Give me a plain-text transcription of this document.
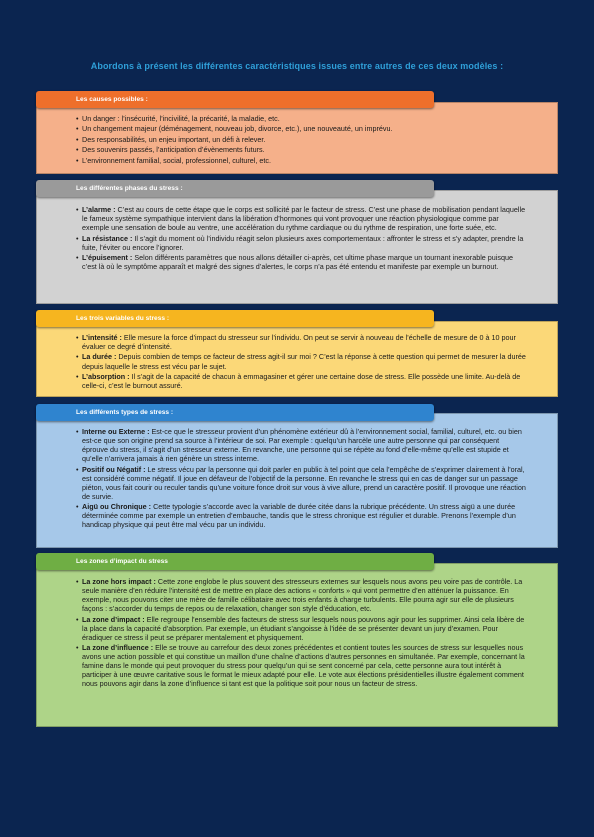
Abordons à présent les différentes caractéristiques issues entre autres de ces deux modèles :
Les causes possibles :
• Un danger : l’insécurité, l’incivilité, la précarité, la maladie, etc.
• Un changement majeur (déménagement, nouveau job, divorce, etc.), une nouveauté, un imprévu.
• Des responsabilités, un enjeu important, un défi à relever.
• Des souvenirs passés, l’anticipation d’évènements futurs.
• L’environnement familial, social, professionnel, culturel, etc.
Les différentes phases du stress :
• L’alarme : C’est au cours de cette étape que le corps est sollicité par le facteur de stress. C’est une phase de mobilisation pendant laquelle le fameux système sympathique intervient dans la libération d’hormones qui vont provoquer une réaction physiologique comme par exemple une sensation de boule au ventre, une accélération du rythme cardiaque ou du rythme de respiration, une forte suée, etc.
• La résistance : Il s’agit du moment où l’individu réagit selon plusieurs axes comportementaux : affronter le stress et s’y adapter, prendre la fuite, l’éviter ou encore l’ignorer.
• L’épuisement : Selon différents paramètres que nous allons détailler ci-après, cet ultime phase marque un tournant inexorable puisque c’est là où le symptôme apparaît et malgré des signes d’alertes, le corps n’a pas été entendu et manifeste par exemple un burnout.
Les trois variables du stress :
• L’intensité : Elle mesure la force d’impact du stresseur sur l’individu. On peut se servir à nouveau de l’échelle de mesure de 0 à 10 pour évaluer ce degré d’intensité.
• La durée : Depuis combien de temps ce facteur de stress agit-il sur moi ? C’est la réponse à cette question qui permet de mesurer la durée depuis laquelle le stress est vécu par le sujet.
• L’absorption : Il s’agit de la capacité de chacun à emmagasiner et gérer une certaine dose de stress. Elle possède une limite. Au-delà de celle-ci, c’est le burnout assuré.
Les différents types de stress :
• Interne ou Externe : Est-ce que le stresseur provient d’un phénomène extérieur dû à l’environnement social, familial, culturel, etc. ou bien est-ce que son origine prend sa source à l’intérieur de soi. Par exemple : quelqu’un harcèle une autre personne qui par conséquent éprouve du stress, il s’agit d’un stresseur externe. En revanche, une personne qui se répète au fond d’elle-même qu’elle est stupide et qu’elle n’arrivera jamais à rien génère un stress interne.
• Positif ou Négatif : Le stress vécu par la personne qui doit parler en public à tel point que cela l’empêche de s’exprimer clairement à l’oral, est considéré comme négatif. Il joue en défaveur de l’objectif de la personne. En revanche le stress qui en cas de danger sur un passage piéton, vous fait courir ou reculer tandis qu’une voiture fonce droit sur vous à vive allure, prend un caractère positif. Il provoque une réaction de survie.
• Aigü ou Chronique : Cette typologie s’accorde avec la variable de durée citée dans la rubrique précédente. Un stress aigü a une durée déterminée comme par exemple un entretien d’embauche, tandis que le stress chronique est régulier et durable. Prenons l’exemple d’un handicap physique qui peut être mal vécu par un individu.
Les zones d’impact du stress
• La zone hors impact : Cette zone englobe le plus souvent des stresseurs externes sur lesquels nous avons peu voire pas de contrôle. La seule manière d’en réduire l’intensité est de mettre en place des actions « conforts » qui vont permettre d’en atténuer la puissance. En exemple, nous pouvons citer une mère de famille célibataire avec trois enfants à charge turbulents. Elle pourra agir sur elle de plusieurs façons : s’accorder du temps de repos ou de relaxation, changer son style d’éducation, etc.
• La zone d’impact : Elle regroupe l’ensemble des facteurs de stress sur lesquels nous pouvons agir pour les supprimer. Ainsi cela libère de la place dans la capacité d’absorption. Par exemple, un étudiant s’angoisse à l’idée de se présenter devant un jury d’examen. Pour éradiquer ce stress il peut se préparer mentalement et physiquement.
• La zone d’influence : Elle se trouve au carrefour des deux zones précédentes et contient toutes les sources de stress sur lesquelles nous avons une action possible et qui constitue un maillon d’une chaîne d’actions d’autres personnes en simultanée. Par exemple, concernant la famine dans le monde qui peut provoquer du stress pour quelqu’un qui se sent concerné par cela, cette personne aura tout intérêt à participer à une œuvre caritative sous le format le mieux adapté pour elle. Le vote aux élections présidentielles illustre également comment nous pouvons agir dans la zone d’influence si tant est que la politique soit pour nous un facteur de stress.
